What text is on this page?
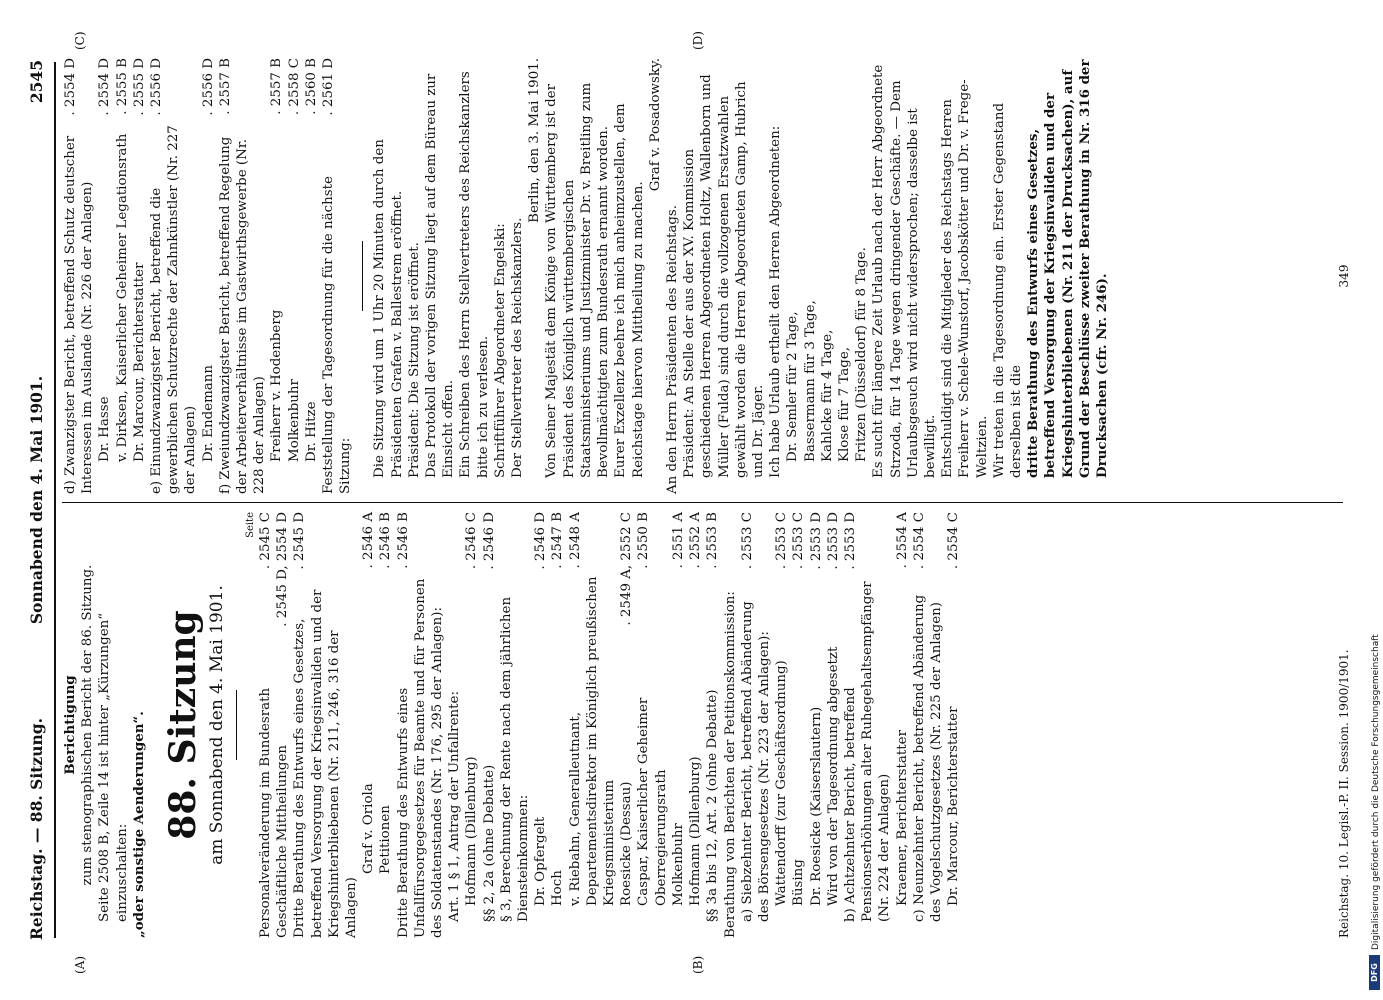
Reichstag. — 88. Sitzung.
Sonnabend den 4. Mai 1901.
2545
(A)	(B)
(C)	(D)

Berichtigung zum stenographischen Bericht der 86. Sitzung. Seite 2508 B, Zeile 14 ist hinter „Kürzungen“ einzuschalten: „oder sonstige Aenderungen“. 88. Sitzung am Sonnabend den 4. Mai 1901.

Seite

Personalveränderung im Bundesrath
. 2545 C
Geschäftliche Mittheilungen
. 2545 D, 2554 D
Dritte Berathung des Entwurfs eines Gesetzes, betreffend Versorgung der Kriegsinvaliden und der Kriegshinterbliebenen (Nr. 211, 246, 316 der Anlagen)
. 2545 D
Graf v. Oriola
. 2546 A
Petitionen
. 2546 B
Dritte Berathung des Entwurfs eines Unfallfürsorgegesetzes für Beamte und für Personen des Soldatenstandes (Nr. 176, 295 der Anlagen):
. 2546 B
Art. 1 § 1, Antrag der Unfallrente: Hofmann (Dillenburg)
. 2546 C
§§ 2, 2a (ohne Debatte)
. 2546 D
§ 3, Berechnung der Rente nach dem jährlichen Diensteinkommen: Dr. Opfergelt
. 2546 D
Hoch
. 2547 B
v. Riebahn, Generalleutnant, Departementsdirektor im Königlich preußischen Kriegsministerium
. 2548 A
Roesicke (Dessau)
. 2549 A, 2552 C
Caspar, Kaiserlicher Geheimer Oberregierungsrath
. 2550 B
Molkenbuhr
. 2551 A
Hofmann (Dillenburg)
. 2552 A
§§ 3a bis 12, Art. 2 (ohne Debatte)
. 2553 B
Berathung von Berichten der Petitionskommission: a) Siebzehnter Bericht, betreffend Abänderung des Börsengesetzes (Nr. 223 der Anlagen):
. 2553 C
Wattendorff (zur Geschäftsordnung)
. 2553 C
Büsing
. 2553 C
Dr. Roesicke (Kaiserslautern)
. 2553 D
Wird von der Tagesordnung abgesetzt
. 2553 D
b) Achtzehnter Bericht, betreffend Pensionserhöhungen alter Ruhegehaltsempfänger (Nr. 224 der Anlagen)
. 2553 D
Kraemer, Berichterstatter
. 2554 A
c) Neunzehnter Bericht, betreffend Abänderung des Vogelschutzgesetzes (Nr. 225 der Anlagen)
. 2554 C
Dr. Marcour, Berichterstatter
. 2554 C
Reichstag. 10. Legisl.-P. II. Session. 1900/1901.
d) Zwanzigster Bericht, betreffend Schutz deutscher Interessen im Auslande (Nr. 226 der Anlagen)
. 2554 D
Dr. Hasse
. 2554 D
v. Dirksen, Kaiserlicher Geheimer Legationsrath
. 2555 B
Dr. Marcour, Berichterstatter
. 2555 D
e) Einundzwanzigster Bericht, betreffend die gewerblichen Schutzrechte der Zahnkünstler (Nr. 227 der Anlagen)
. 2556 D
Dr. Endemann
. 2556 D
f) Zweiundzwanzigster Bericht, betreffend Regelung der Arbeiterverhältnisse im Gastwirthsgewerbe (Nr. 228 der Anlagen)
. 2557 B
Freiherr v. Hodenberg
. 2557 B
Molkenbuhr
. 2558 C
Dr. Hitze
. 2560 B
Feststellung der Tagesordnung für die nächste Sitzung:
. 2561 D

Die Sitzung wird um 1 Uhr 20 Minuten durch den Präsidenten Grafen v. Ballestrem eröffnet. Präsident: Die Sitzung ist eröffnet. Das Protokoll der vorigen Sitzung liegt auf dem Büreau zur Einsicht offen. Ein Schreiben des Herrn Stellvertreters des Reichskanzlers bitte ich zu verlesen. Schriftführer Abgeordneter Engelski: Der Stellvertreter des Reichskanzlers.

Berlin, den 3. Mai 1901. Von Seiner Majestät dem Könige von Württemberg ist der Präsident des Königlich württembergischen Staatsministeriums und Justizminister Dr. v. Breitling zum Bevollmächtigten zum Bundesrath ernannt worden. Eurer Exzellenz beehre ich mich anheimzustellen, dem Reichstage hiervon Mittheilung zu machen.

Graf v. Posadowsky.

An den Herrn Präsidenten des Reichstags. Präsident: An Stelle der aus der XV. Kommission geschiedenen Herren Abgeordneten Holtz, Wallenborn und Müller (Fulda) sind durch die vollzogenen Ersatzwahlen gewählt worden die Herren Abgeordneten Gamp, Hubrich und Dr. Jäger. Ich habe Urlaub ertheilt den Herren Abgeordneten: Dr. Semler für 2 Tage, Bassermann für 3 Tage, Kahlcke für 4 Tage, Klose für 7 Tage, Fritzen (Düsseldorf) für 8 Tage. Es sucht für längere Zeit Urlaub nach der Herr Abgeordnete Strzoda, für 14 Tage wegen dringender Geschäfte. — Dem Urlaubsgesuch wird nicht widersprochen; dasselbe ist bewilligt. Entschuldigt sind die Mitglieder des Reichstags Herren Freiherr v. Schele-Wunstorf, Jacobskötter und Dr. v. Frege-Weltzien. Wir treten in die Tagesordnung ein. Erster Gegenstand derselben ist die dritte Berathung des Entwurfs eines Gesetzes, betreffend Versorgung der Kriegsinvaliden und der Kriegshinterbliebenen (Nr. 211 der Drucksachen), auf Grund der Beschlüsse zweiter Berathung in Nr. 316 der Drucksachen (cfr. Nr. 246).	349
DFG
Digitalisierung gefördert durch die Deutsche Forschungsgemeinschaft
